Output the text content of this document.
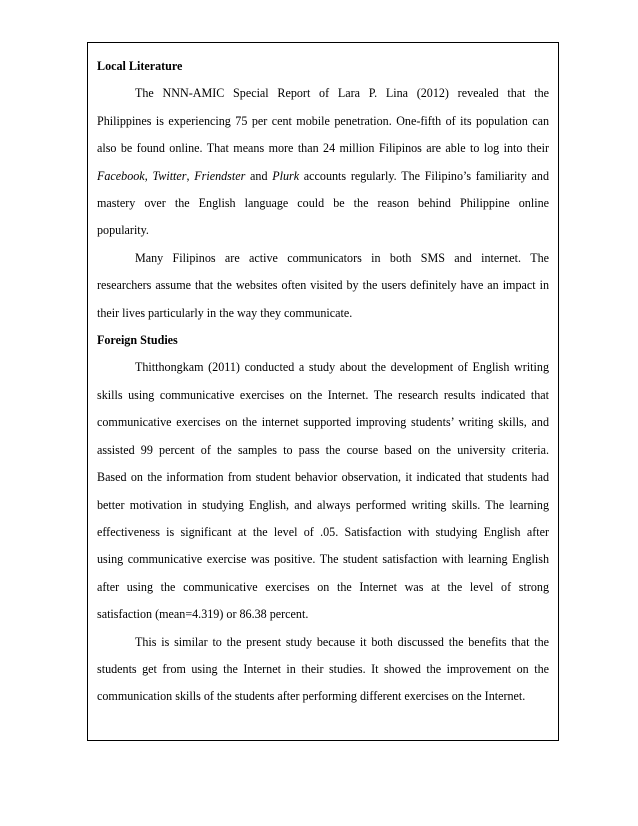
Local Literature
The NNN-AMIC Special Report of Lara P. Lina (2012) revealed that the
Philippines is experiencing 75 per cent mobile penetration. One-fifth of its population can
also be found online. That means more than 24 million Filipinos are able to log into their
Facebook, Twitter, Friendster and Plurk accounts regularly. The Filipino’s familiarity and
mastery over the English language could be the reason behind Philippine online
popularity.
Many Filipinos are active communicators in both SMS and internet. The
researchers assume that the websites often visited by the users definitely have an impact in
their lives particularly in the way they communicate.
Foreign Studies
Thitthongkam (2011) conducted a study about the development of English writing
skills using communicative exercises on the Internet. The research results indicated that
communicative exercises on the internet supported improving students’ writing skills, and
assisted 99 percent of the samples to pass the course based on the university criteria.
Based on the information from student behavior observation, it indicated that students had
better motivation in studying English, and always performed writing skills. The learning
effectiveness is significant at the level of .05. Satisfaction with studying English after
using communicative exercise was positive. The student satisfaction with learning English
after using the communicative exercises on the Internet was at the level of strong
satisfaction (mean=4.319) or 86.38 percent.
This is similar to the present study because it both discussed the benefits that the
students get from using the Internet in their studies. It showed the improvement on the
communication skills of the students after performing different exercises on the Internet.
